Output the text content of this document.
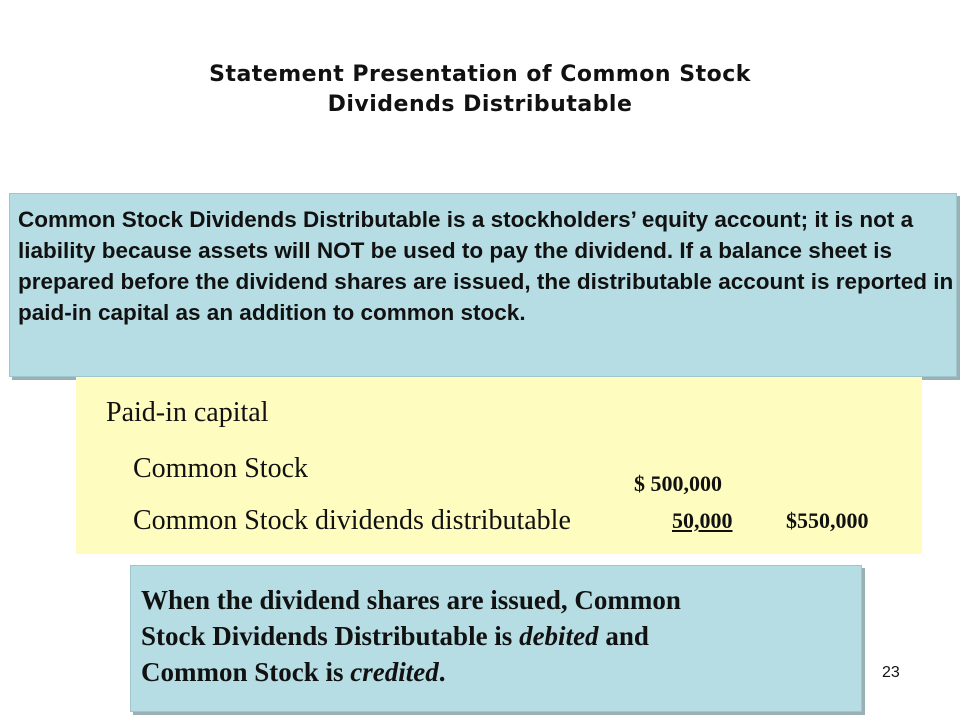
Statement Presentation of Common Stock
Dividends Distributable
Common Stock Dividends Distributable is a stockholders’ equity account; it is not a liability because assets will NOT be used to pay the dividend. If a balance sheet is prepared before the dividend shares are issued, the distributable account is reported in paid-in capital as an addition to common stock.
Paid-in capital
Common Stock
Common Stock dividends distributable
$ 500,000
50,000 $550,000
When the dividend shares are issued, Common
Stock Dividends Distributable is debited and
Common Stock is credited.	23
